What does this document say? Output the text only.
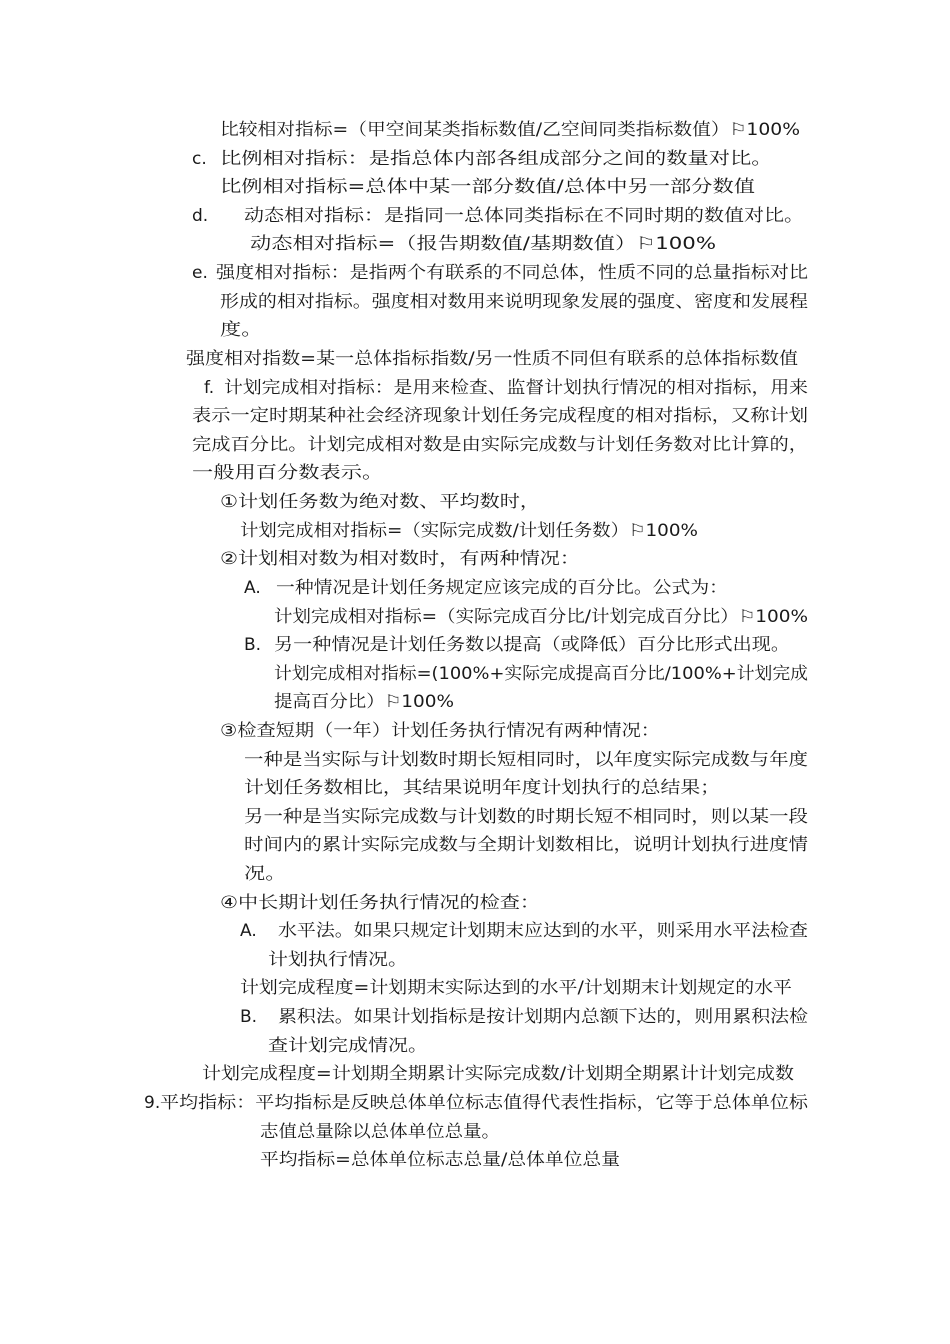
比较相对指标=（甲空间某类指标数值/乙空间同类指标数值）⚐100%
c. 比例相对指标：是指总体内部各组成部分之间的数量对比。
比例相对指标=总体中某一部分数值/总体中另一部分数值
d. 动态相对指标：是指同一总体同类指标在不同时期的数值对比。
动态相对指标=（报告期数值/基期数值）⚐100%
e. 强度相对指标：是指两个有联系的不同总体，性质不同的总量指标对比
形成的相对指标。强度相对数用来说明现象发展的强度、密度和发展程
度。
强度相对指数=某一总体指标指数/另一性质不同但有联系的总体指标数值
f. 计划完成相对指标：是用来检查、监督计划执行情况的相对指标，用来
表示一定时期某种社会经济现象计划任务完成程度的相对指标，又称计划
完成百分比。计划完成相对数是由实际完成数与计划任务数对比计算的，
一般用百分数表示。
①计划任务数为绝对数、平均数时，
计划完成相对指标=（实际完成数/计划任务数）⚐100%
②计划相对数为相对数时，有两种情况：
A. 一种情况是计划任务规定应该完成的百分比。公式为：
计划完成相对指标=（实际完成百分比/计划完成百分比）⚐100%
B. 另一种情况是计划任务数以提高（或降低）百分比形式出现。
计划完成相对指标=(100%+实际完成提高百分比/100%+计划完成
提高百分比）⚐100%
③检查短期（一年）计划任务执行情况有两种情况：
一种是当实际与计划数时期长短相同时，以年度实际完成数与年度
计划任务数相比，其结果说明年度计划执行的总结果；
另一种是当实际完成数与计划数的时期长短不相同时，则以某一段
时间内的累计实际完成数与全期计划数相比，说明计划执行进度情
况。
④中长期计划任务执行情况的检查：
A. 水平法。如果只规定计划期末应达到的水平，则采用水平法检查
计划执行情况。
计划完成程度=计划期末实际达到的水平/计划期末计划规定的水平
B. 累积法。如果计划指标是按计划期内总额下达的，则用累积法检
查计划完成情况。
计划完成程度=计划期全期累计实际完成数/计划期全期累计计划完成数
9. 平均指标：平均指标是反映总体单位标志值得代表性指标，它等于总体单位标
志值总量除以总体单位总量。
平均指标=总体单位标志总量/总体单位总量
